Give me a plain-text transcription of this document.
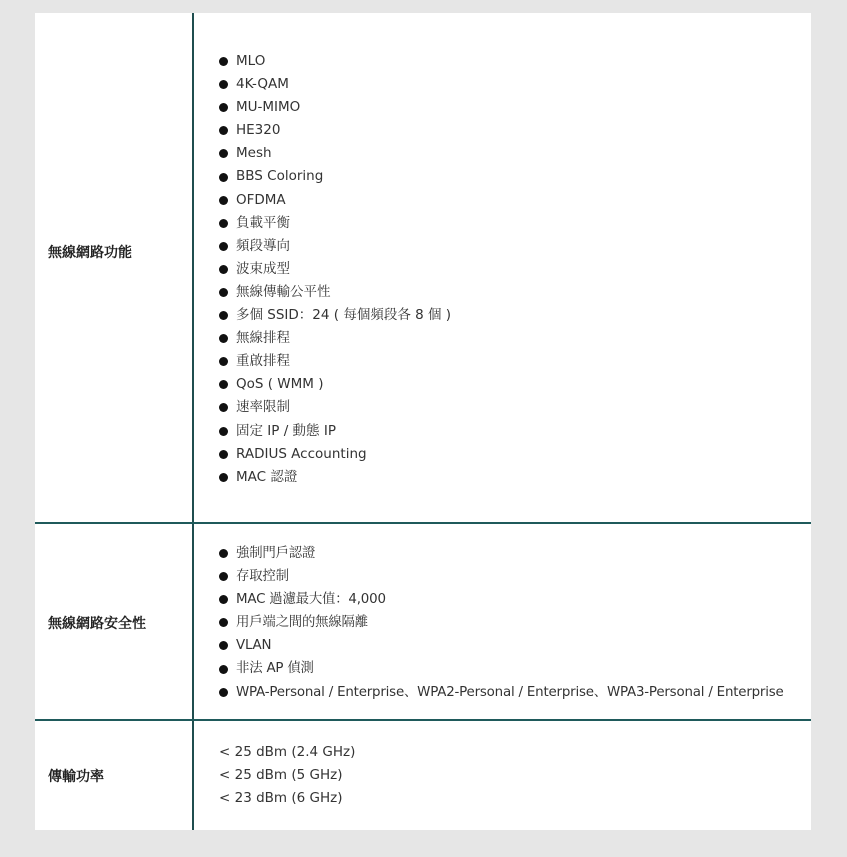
無線網路功能
MLO
4K-QAM
MU-MIMO
HE320
Mesh
BBS Coloring
OFDMA
負載平衡
頻段導向
波束成型
無線傳輸公平性
多個 SSID：24 ( 每個頻段各 8 個 )
無線排程
重啟排程
QoS ( WMM )
速率限制
固定 IP / 動態 IP
RADIUS Accounting
MAC 認證
無線網路安全性
強制門戶認證
存取控制
MAC 過濾最大值：4,000
用戶端之間的無線隔離
VLAN
非法 AP 偵測
WPA-Personal / Enterprise、WPA2-Personal / Enterprise、WPA3-Personal / Enterprise
傳輸功率
< 25 dBm (2.4 GHz)
< 25 dBm (5 GHz)
< 23 dBm (6 GHz)
